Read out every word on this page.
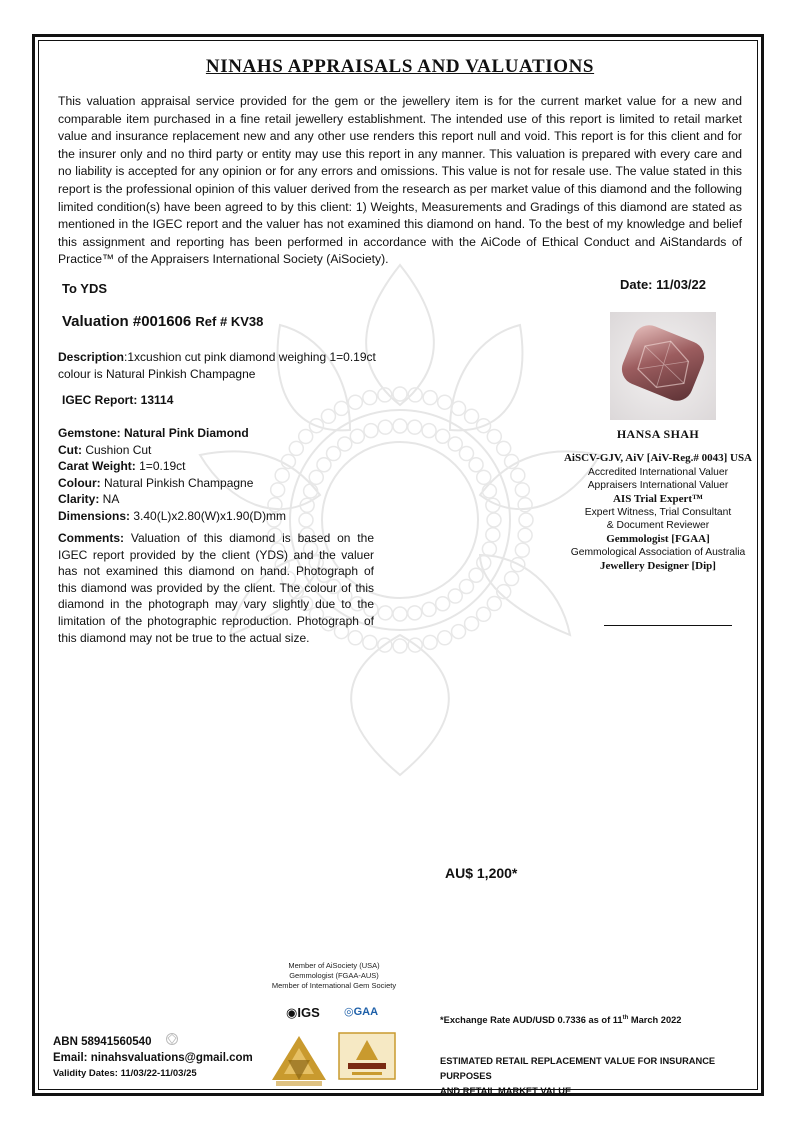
NINAHS APPRAISALS AND VALUATIONS
This valuation appraisal service provided for the gem or the jewellery item is for the current market value for a new and comparable item purchased in a fine retail jewellery establishment. The intended use of this report is limited to retail market value and insurance replacement new and any other use renders this report null and void. This report is for this client and for the insurer only and no third party or entity may use this report in any manner. This valuation is prepared with every care and no liability is accepted for any opinion or for any errors and omissions. This value is not for resale use. The value stated in this report is the professional opinion of this valuer derived from the research as per market value of this diamond and the following limited condition(s) have been agreed to by this client: 1) Weights, Measurements and Gradings of this diamond are stated as mentioned in the IGEC report and the valuer has not examined this diamond on hand. To the best of my knowledge and belief this assignment and reporting has been performed in accordance with the AiCode of Ethical Conduct and AiStandards of Practice™ of the Appraisers International Society (AiSociety).
To YDS	Date: 11/03/22
Valuation #001606 Ref # KV38
Description:1xcushion cut pink diamond weighing 1=0.19ct colour is Natural Pinkish Champagne
IGEC Report: 13114
Gemstone: Natural Pink Diamond
Cut: Cushion Cut
Carat Weight: 1=0.19ct
Colour: Natural Pinkish Champagne
Clarity: NA
Dimensions: 3.40(L)x2.80(W)x1.90(D)mm
Comments: Valuation of this diamond is based on the IGEC report provided by the client (YDS) and the valuer has not examined this diamond on hand. Photograph of this diamond was provided by the client. The colour of this diamond in the photograph may vary slightly due to the limitation of the photographic reproduction. Photograph of this diamond may not be true to the actual size.
HANSA SHAH
AiSCV-GJV, AiV [AiV-Reg.# 0043] USA
Accredited International Valuer
Appraisers International Valuer
AIS Trial Expert™
Expert Witness, Trial Consultant
& Document Reviewer
Gemmologist [FGAA]
Gemmological Association of Australia
Jewellery Designer [Dip]
AU$ 1,200*
Member of AiSociety (USA)
Gemmologist (FGAA-AUS)
Member of International Gem Society
◉IGS ◎GAA
*Exchange Rate AUD/USD 0.7336 as of 11th March 2022
ABN 58941560540
Email: ninahsvaluations@gmail.com
Validity Dates: 11/03/22-11/03/25
ESTIMATED RETAIL REPLACEMENT VALUE FOR INSURANCE PURPOSES
AND RETAIL MARKET VALUE
